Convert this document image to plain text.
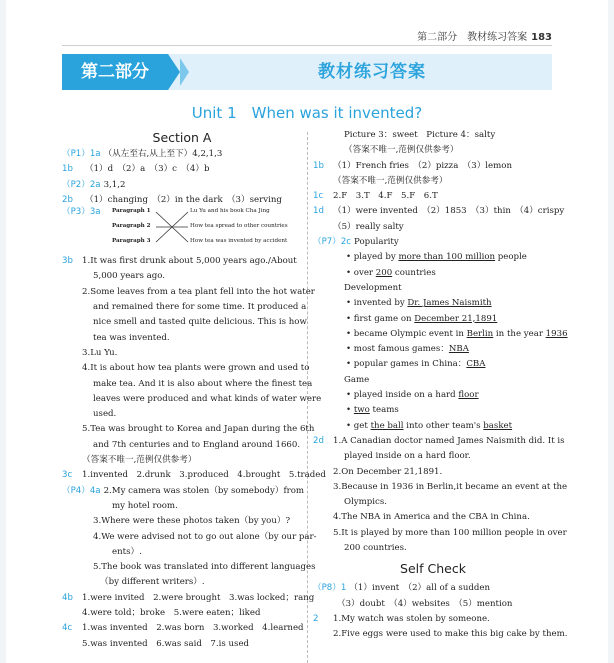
第二部分　 教材练习答案 183
第二部分	教材练习答案
Unit 1　When was it invented?
Section A
（P1）1a （从左至右,从上至下）4,2,1,3
1b （1）d　（2）a　（3）c　（4）b
（P2）2a 3,1,2
2b （1）changing　（2）in the dark　（3）serving
（P3）3a Paragraph 1
Paragraph 2
Paragraph 3
Lu Yu and his book Cha Jing
How tea spread to other countries
How tea was invented by accident
3b 1.It was first drunk about 5,000 years ago./About
5,000 years ago.
2.Some leaves from a tea plant fell into the hot water
and remained there for some time. It produced a
nice smell and tasted quite delicious. This is how
tea was invented.
3.Lu Yu.
4.It is about how tea plants were grown and used to
make tea. And it is also about where the finest tea
leaves were produced and what kinds of water were
used.
5.Tea was brought to Korea and Japan during the 6th
and 7th centuries and to England around 1660.
（答案不唯一,范例仅供参考）
3c 1.invented　2.drunk　3.produced　4.brought　5.traded
（P4）4a 2.My camera was stolen（by somebody）from
my hotel room.
3.Where were these photos taken（by you）?
4.We were advised not to go out alone（by our par-
ents）.
5.The book was translated into different languages
（by different writers）.
4b 1.were invited　2.were brought　3.was locked；rang
4.were told；broke　5.were eaten；liked
4c 1.was invented　2.was born　3.worked　4.learned
5.was invented　6.was said　7.is used
Picture 3：sweet　Picture 4：salty
（答案不唯一,范例仅供参考）
1b （1）French fries　（2）pizza　（3）lemon
（答案不唯一,范例仅供参考）
1c 2.F　3.T　4.F　5.F　6.T
1d （1）were invented　（2）1853　（3）thin　（4）crispy
（5）really salty
（P7）2c Popularity
• played by more than 100 million people
• over 200 countries
Development
• invented by Dr. James Naismith
• first game on December 21,1891
• became Olympic event in Berlin in the year 1936
• most famous games：NBA
• popular games in China：CBA
Game
• played inside on a hard floor
• two teams
• get the ball into other team's basket
2d 1.A Canadian doctor named James Naismith did. It is
played inside on a hard floor.
2.On December 21,1891.
3.Because in 1936 in Berlin,it became an event at the
Olympics.
4.The NBA in America and the CBA in China.
5.It is played by more than 100 million people in over
200 countries.
Self Check
（P8）1 （1）invent　（2）all of a sudden
（3）doubt　（4）websites　（5）mention
2 1.My watch was stolen by someone.
2.Five eggs were used to make this big cake by them.
